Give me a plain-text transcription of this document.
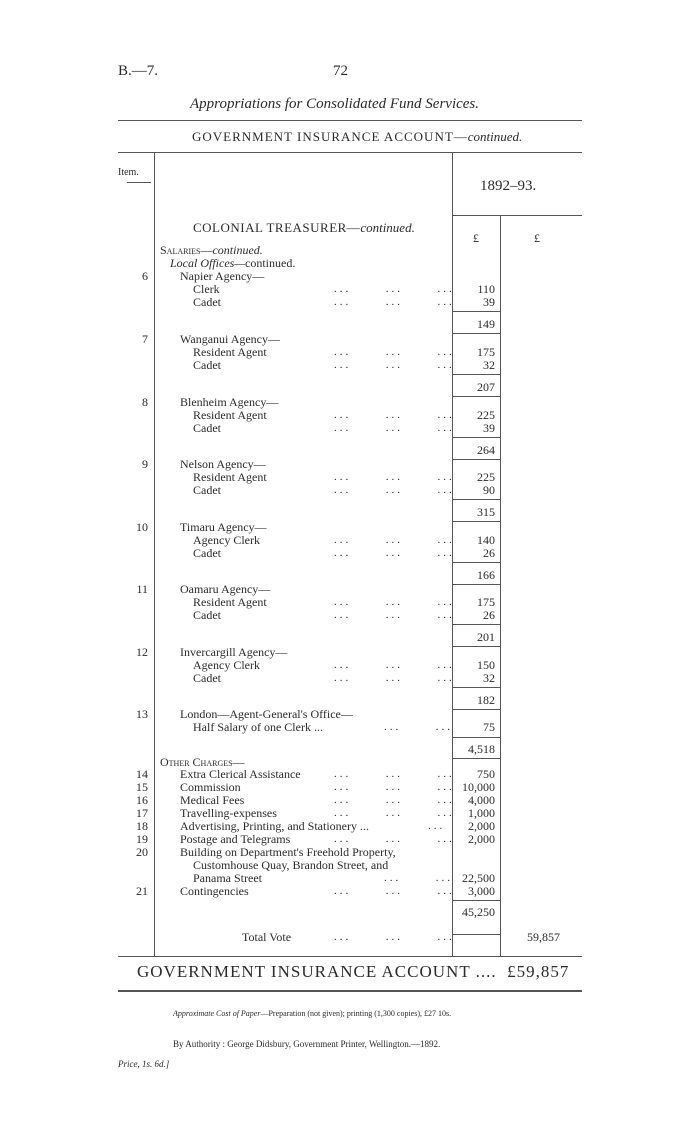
B.—7.	72
Appropriations for Consolidated Fund Services.
GOVERNMENT INSURANCE ACCOUNT—continued.
Item.
1892–93.
£	£
COLONIAL TREASURER—continued.
Salaries—continued.
Local Offices—continued.
6	Napier Agency—
Clerk	...      ...      ...	110
Cadet	...      ...      ...	39
149
7	Wanganui Agency—
Resident Agent	...      ...      ...	175
Cadet	...      ...      ...	32
207
8	Blenheim Agency—
Resident Agent	...      ...      ...	225
Cadet	...      ...      ...	39
264
9	Nelson Agency—
Resident Agent	...      ...      ...	225
Cadet	...      ...      ...	90
315
10	Timaru Agency—
Agency Clerk	...      ...      ...	140
Cadet	...      ...      ...	26
166
11	Oamaru Agency—
Resident Agent	...      ...      ...	175
Cadet	...      ...      ...	26
201
12	Invercargill Agency—
Agency Clerk	...      ...      ...	150
Cadet	...      ...      ...	32
182
13	London—Agent-General's Office—
Half Salary of one Clerk ...	...      ...	75
4,518
Other Charges—
14	Extra Clerical Assistance	...      ...      ...	750
15	Commission	...      ...      ... 10,000
16	Medical Fees	...      ...      ...	4,000
17	Travelling-expenses	...      ...      ...	1,000
18	Advertising, Printing, and Stationery ...	...	2,000
19	Postage and Telegrams	...      ...      ...	2,000
20	Building on Department's Freehold Property,
Customhouse Quay, Brandon Street, and
Panama Street	...      ... 22,500
21	Contingencies	...      ...      ...	3,000
45,250
Total Vote	...      ...      ...	59,857
GOVERNMENT INSURANCE ACCOUNT .... £59,857
Approximate Cost of Paper—Preparation (not given); printing (1,300 copies), £27 10s.
By Authority : George Didsbury, Government Printer, Wellington.—1892.
Price, 1s. 6d.]
